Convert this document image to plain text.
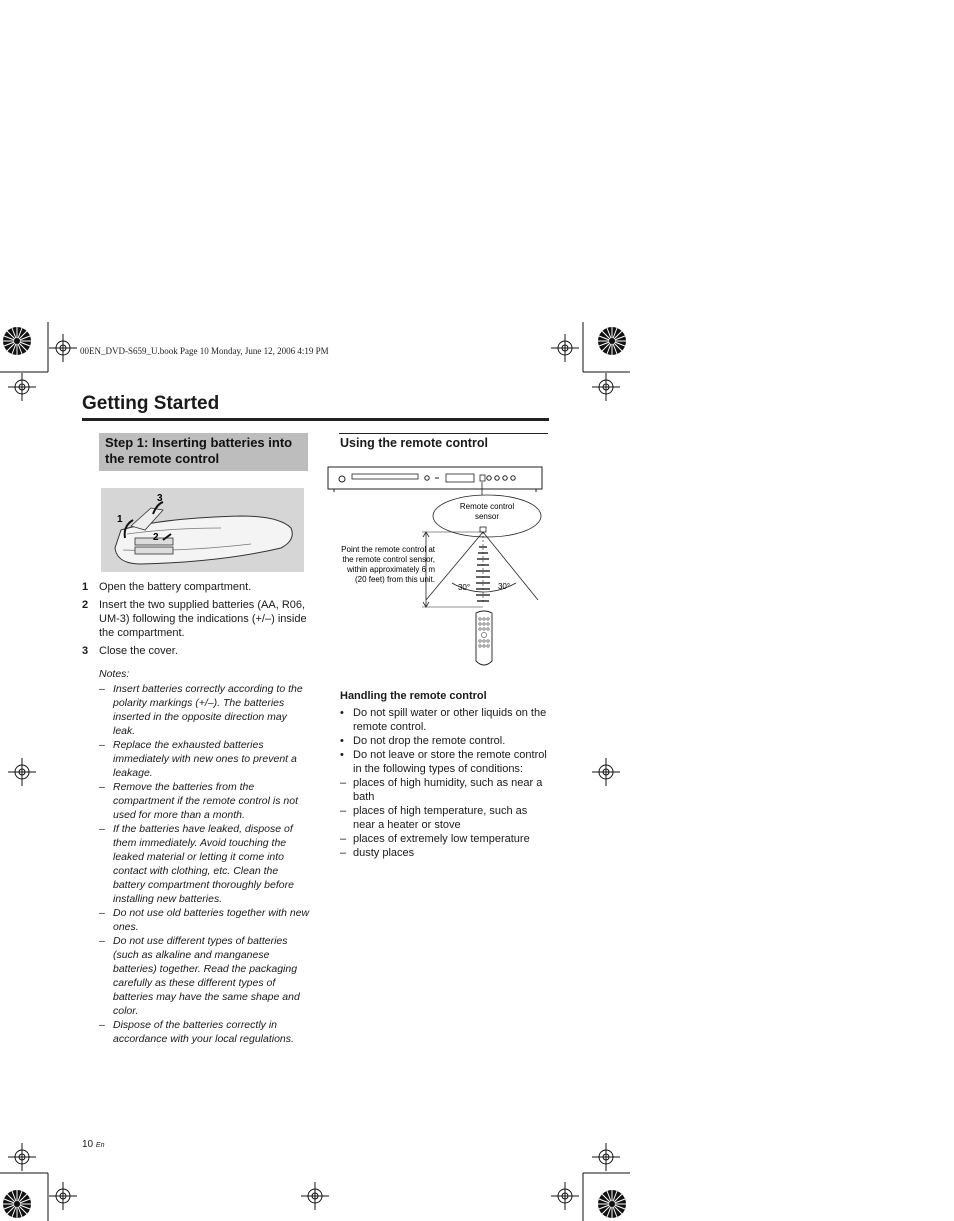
00EN_DVD-S659_U.book Page 10 Monday, June 12, 2006 4:19 PM
Getting Started
Step 1: Inserting batteries into the remote control
3
1
2
1 Open the battery compartment.
2 Insert the two supplied batteries (AA, R06, UM-3) following the indications (+/–) inside the compartment.
3 Close the cover.
Notes:
– Insert batteries correctly according to the polarity markings (+/–). The batteries inserted in the opposite direction may leak.
– Replace the exhausted batteries immediately with new ones to prevent a leakage.
– Remove the batteries from the compartment if the remote control is not used for more than a month.
– If the batteries have leaked, dispose of them immediately. Avoid touching the leaked material or letting it come into contact with clothing, etc. Clean the battery compartment thoroughly before installing new batteries.
– Do not use old batteries together with new ones.
– Do not use different types of batteries (such as alkaline and manganese batteries) together. Read the packaging carefully as these different types of batteries may have the same shape and color.
– Dispose of the batteries correctly in accordance with your local regulations.
Using the remote control
Remote control
sensor
30°	30°
Point the remote control at
the remote control sensor,
within approximately 6 m
(20 feet) from this unit.
Handling the remote control
• Do not spill water or other liquids on the remote control.
• Do not drop the remote control.
• Do not leave or store the remote control in the following types of conditions:
– places of high humidity, such as near a bath
– places of high temperature, such as near a heater or stove
– places of extremely low temperature
– dusty places
10 En
